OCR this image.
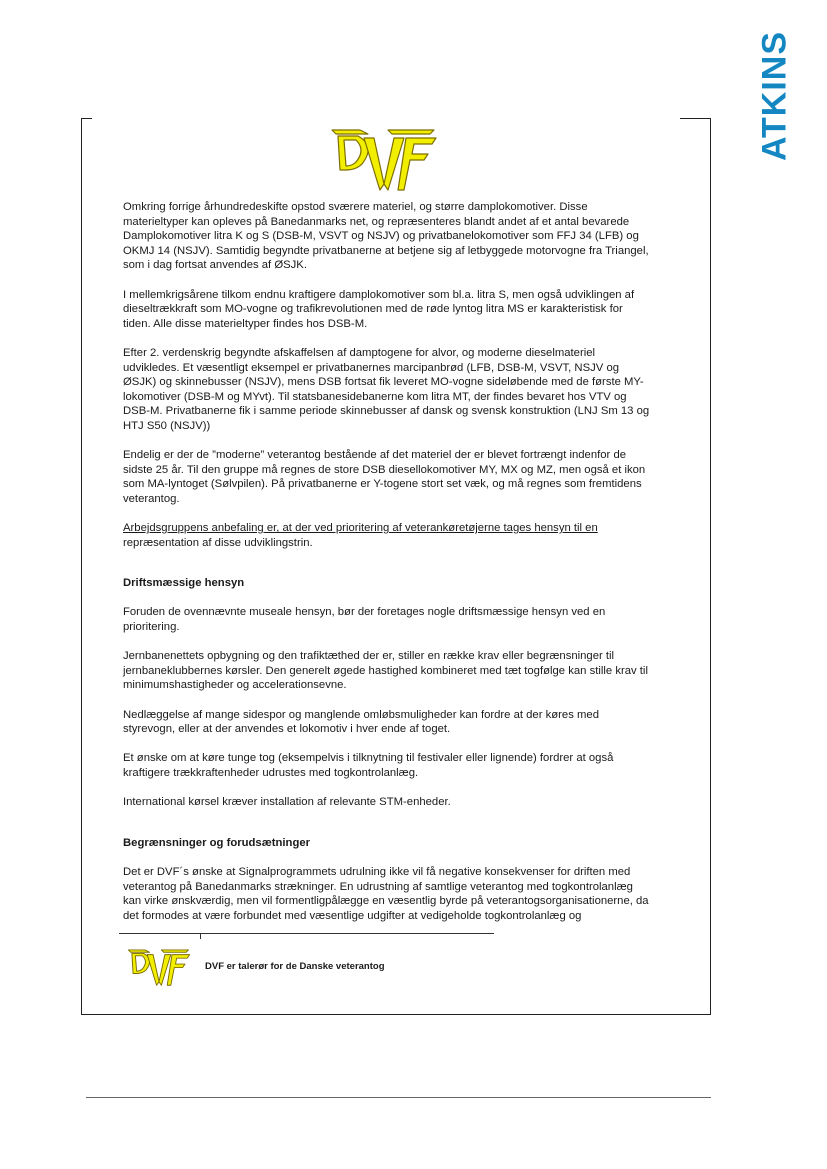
ATKINS

Omkring forrige århundredeskifte opstod sværere materiel, og større damplokomotiver. Disse materieltyper kan opleves på Banedanmarks net, og repræsenteres blandt andet af et antal bevarede Damplokomotiver litra K og S (DSB-M, VSVT og NSJV) og privatbanelokomotiver som FFJ 34 (LFB) og OKMJ 14 (NSJV). Samtidig begyndte privatbanerne at betjene sig af letbyggede motorvogne fra Triangel, som i dag fortsat anvendes af ØSJK.

I mellemkrigsårene tilkom endnu kraftigere damplokomotiver som bl.a. litra S, men også udviklingen af dieseltrækkraft som MO-vogne og trafikrevolutionen med de røde lyntog litra MS er karakteristisk for tiden. Alle disse materieltyper findes hos DSB-M.

Efter 2. verdenskrig begyndte afskaffelsen af damptogene for alvor, og moderne dieselmateriel udvikledes. Et væsentligt eksempel er privatbanernes marcipanbrød (LFB, DSB-M, VSVT, NSJV og ØSJK) og skinnebusser (NSJV), mens DSB fortsat fik leveret MO-vogne sideløbende med de første MY-lokomotiver (DSB-M og MYvt). Til statsbanesidebanerne kom litra MT, der findes bevaret hos VTV og DSB-M. Privatbanerne fik i samme periode skinnebusser af dansk og svensk konstruktion (LNJ Sm 13 og HTJ S50 (NSJV))

Endelig er der de ”moderne” veterantog bestående af det materiel der er blevet fortrængt indenfor de sidste 25 år. Til den gruppe må regnes de store DSB diesellokomotiver MY, MX og MZ, men også et ikon som MA-lyntoget (Sølvpilen). På privatbanerne er Y-togene stort set væk, og må regnes som fremtidens veterantog.

Arbejdsgruppens anbefaling er, at der ved prioritering af veterankøretøjerne tages hensyn til en
repræsentation af disse udviklingstrin.

Driftsmæssige hensyn

Foruden de ovennævnte museale hensyn, bør der foretages nogle driftsmæssige hensyn ved en prioritering.

Jernbanenettets opbygning og den trafiktæthed der er, stiller en række krav eller begrænsninger til jernbaneklubbernes kørsler. Den generelt øgede hastighed kombineret med tæt togfølge kan stille krav til minimumshastigheder og accelerationsevne.

Nedlæggelse af mange sidespor og manglende omløbsmuligheder kan fordre at der køres med styrevogn, eller at der anvendes et lokomotiv i hver ende af toget.

Et ønske om at køre tunge tog (eksempelvis i tilknytning til festivaler eller lignende) fordrer at også kraftigere trækkraftenheder udrustes med togkontrolanlæg.

International kørsel kræver installation af relevante STM-enheder.

Begrænsninger og forudsætninger

Det er DVF´s ønske at Signalprogrammets udrulning ikke vil få negative konsekvenser for driften med veterantog på Banedanmarks strækninger. En udrustning af samtlige veterantog med togkontrolanlæg kan virke ønskværdig, men vil formentligpålægge en væsentlig byrde på veterantogsorganisationerne, da det formodes at være forbundet med væsentlige udgifter at vedigeholde togkontrolanlæg og

DVF er talerør for de Danske veterantog
